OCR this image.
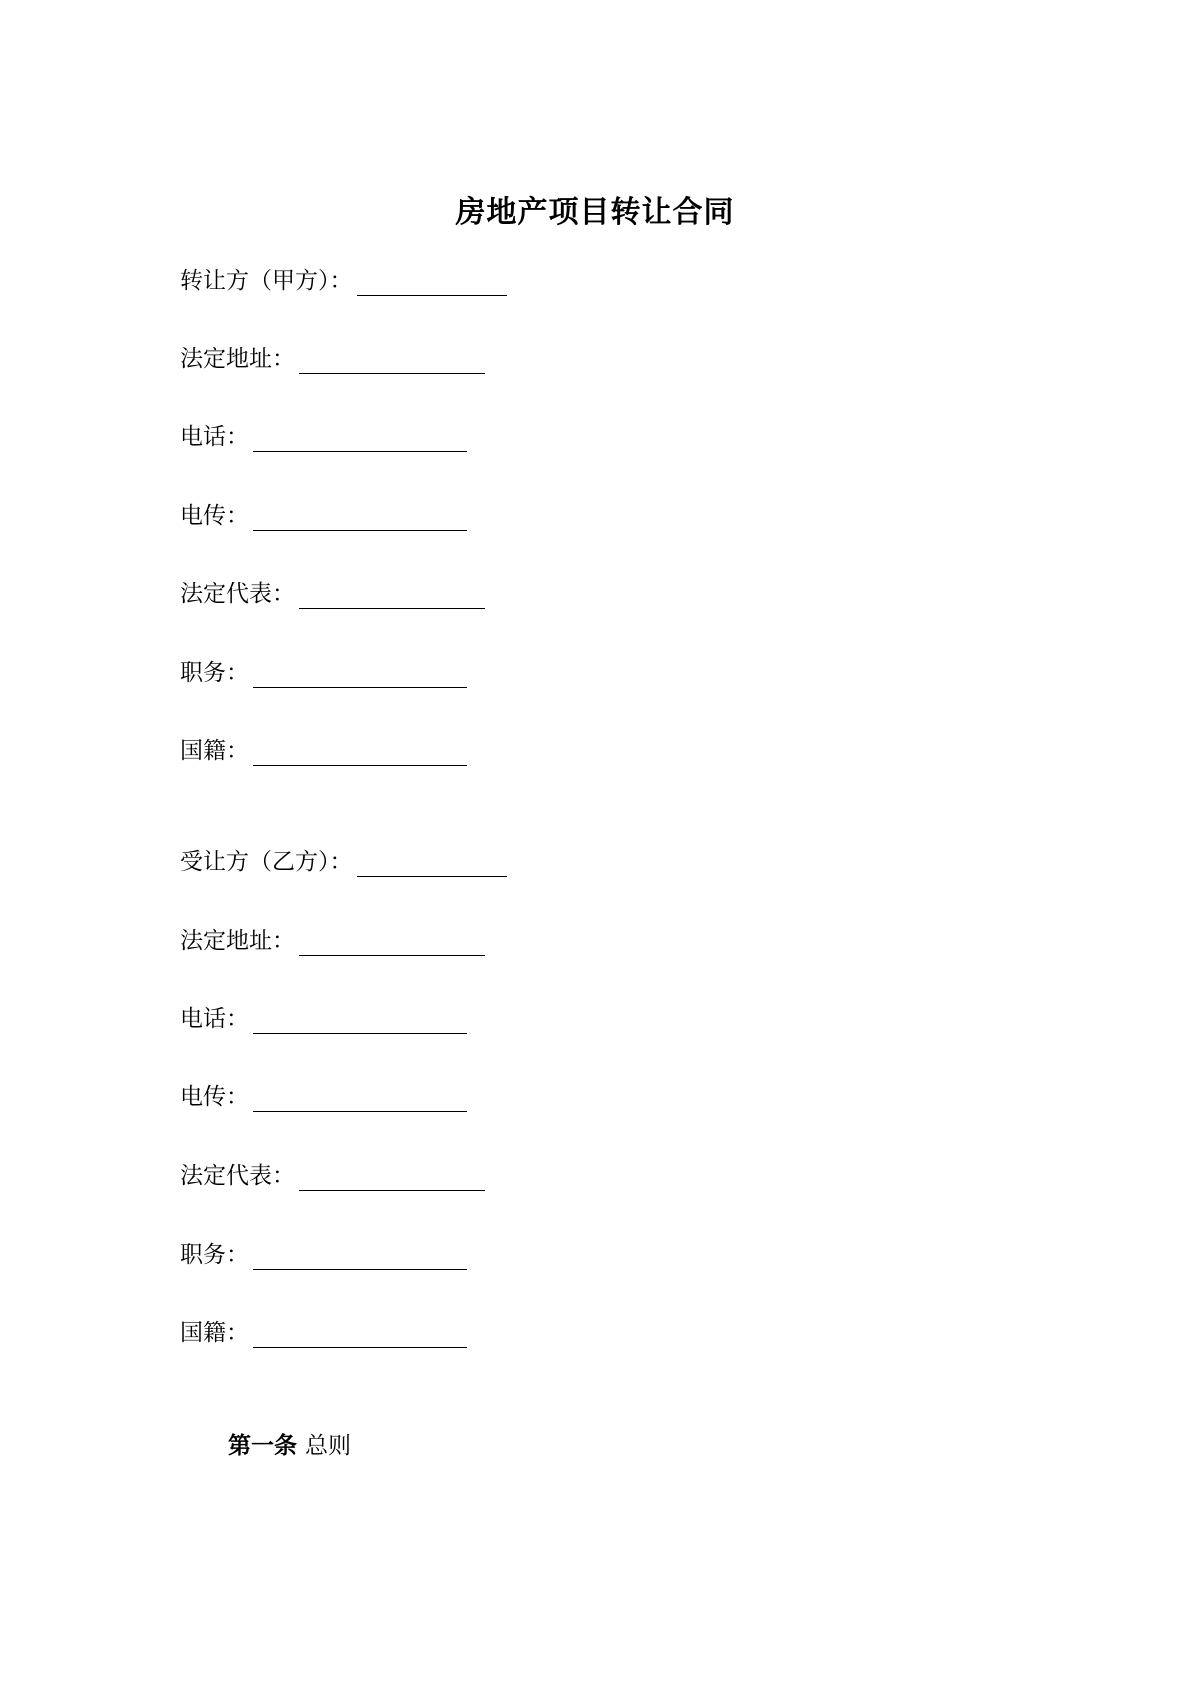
房地产项目转让合同
转让方（甲方）：
法定地址：
电话：
电传：
法定代表：
职务：
国籍：
受让方（乙方）：
法定地址：
电话：
电传：
法定代表：
职务：
国籍：
第一条 总则
